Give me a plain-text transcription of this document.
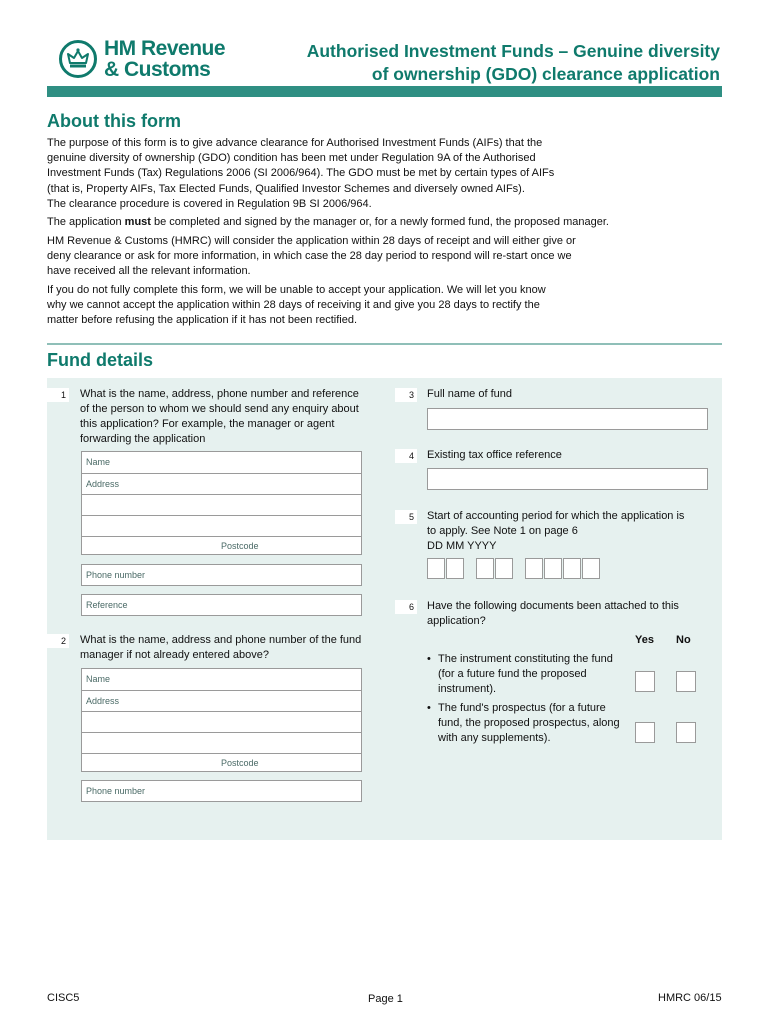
HM Revenue
& Customs
Authorised Investment Funds – Genuine diversity
of ownership (GDO) clearance application
About this form
The purpose of this form is to give advance clearance for Authorised Investment Funds (AIFs) that the
genuine diversity of ownership (GDO) condition has been met under Regulation 9A of the Authorised
Investment Funds (Tax) Regulations 2006 (SI 2006/964). The GDO must be met by certain types of AIFs
(that is, Property AIFs, Tax Elected Funds, Qualified Investor Schemes and diversely owned AIFs).
The clearance procedure is covered in Regulation 9B SI 2006/964.
The application must be completed and signed by the manager or, for a newly formed fund, the proposed manager.
HM Revenue & Customs (HMRC) will consider the application within 28 days of receipt and will either give or
deny clearance or ask for more information, in which case the 28 day period to respond will re-start once we
have received all the relevant information.
If you do not fully complete this form, we will be unable to accept your application. We will let you know
why we cannot accept the application within 28 days of receiving it and give you 28 days to rectify the
matter before refusing the application if it has not been rectified.
Fund details
1 What is the name, address, phone number and reference
of the person to whom we should send any enquiry about
this application? For example, the manager or agent
forwarding the application
Name
Address
Postcode
Phone number
Reference
2 What is the name, address and phone number of the fund
manager if not already entered above?
Name
Address
Postcode
Phone number
3 Full name of fund
4 Existing tax office reference
5 Start of accounting period for which the application is
to apply. See Note 1 on page 6
DD MM YYYY
6 Have the following documents been attached to this
application?
Yes No
• The instrument constituting the fund
(for a future fund the proposed
instrument).
• The fund's prospectus (for a future
fund, the proposed prospectus, along
with any supplements).
CISC5	Page 1	HMRC 06/15
